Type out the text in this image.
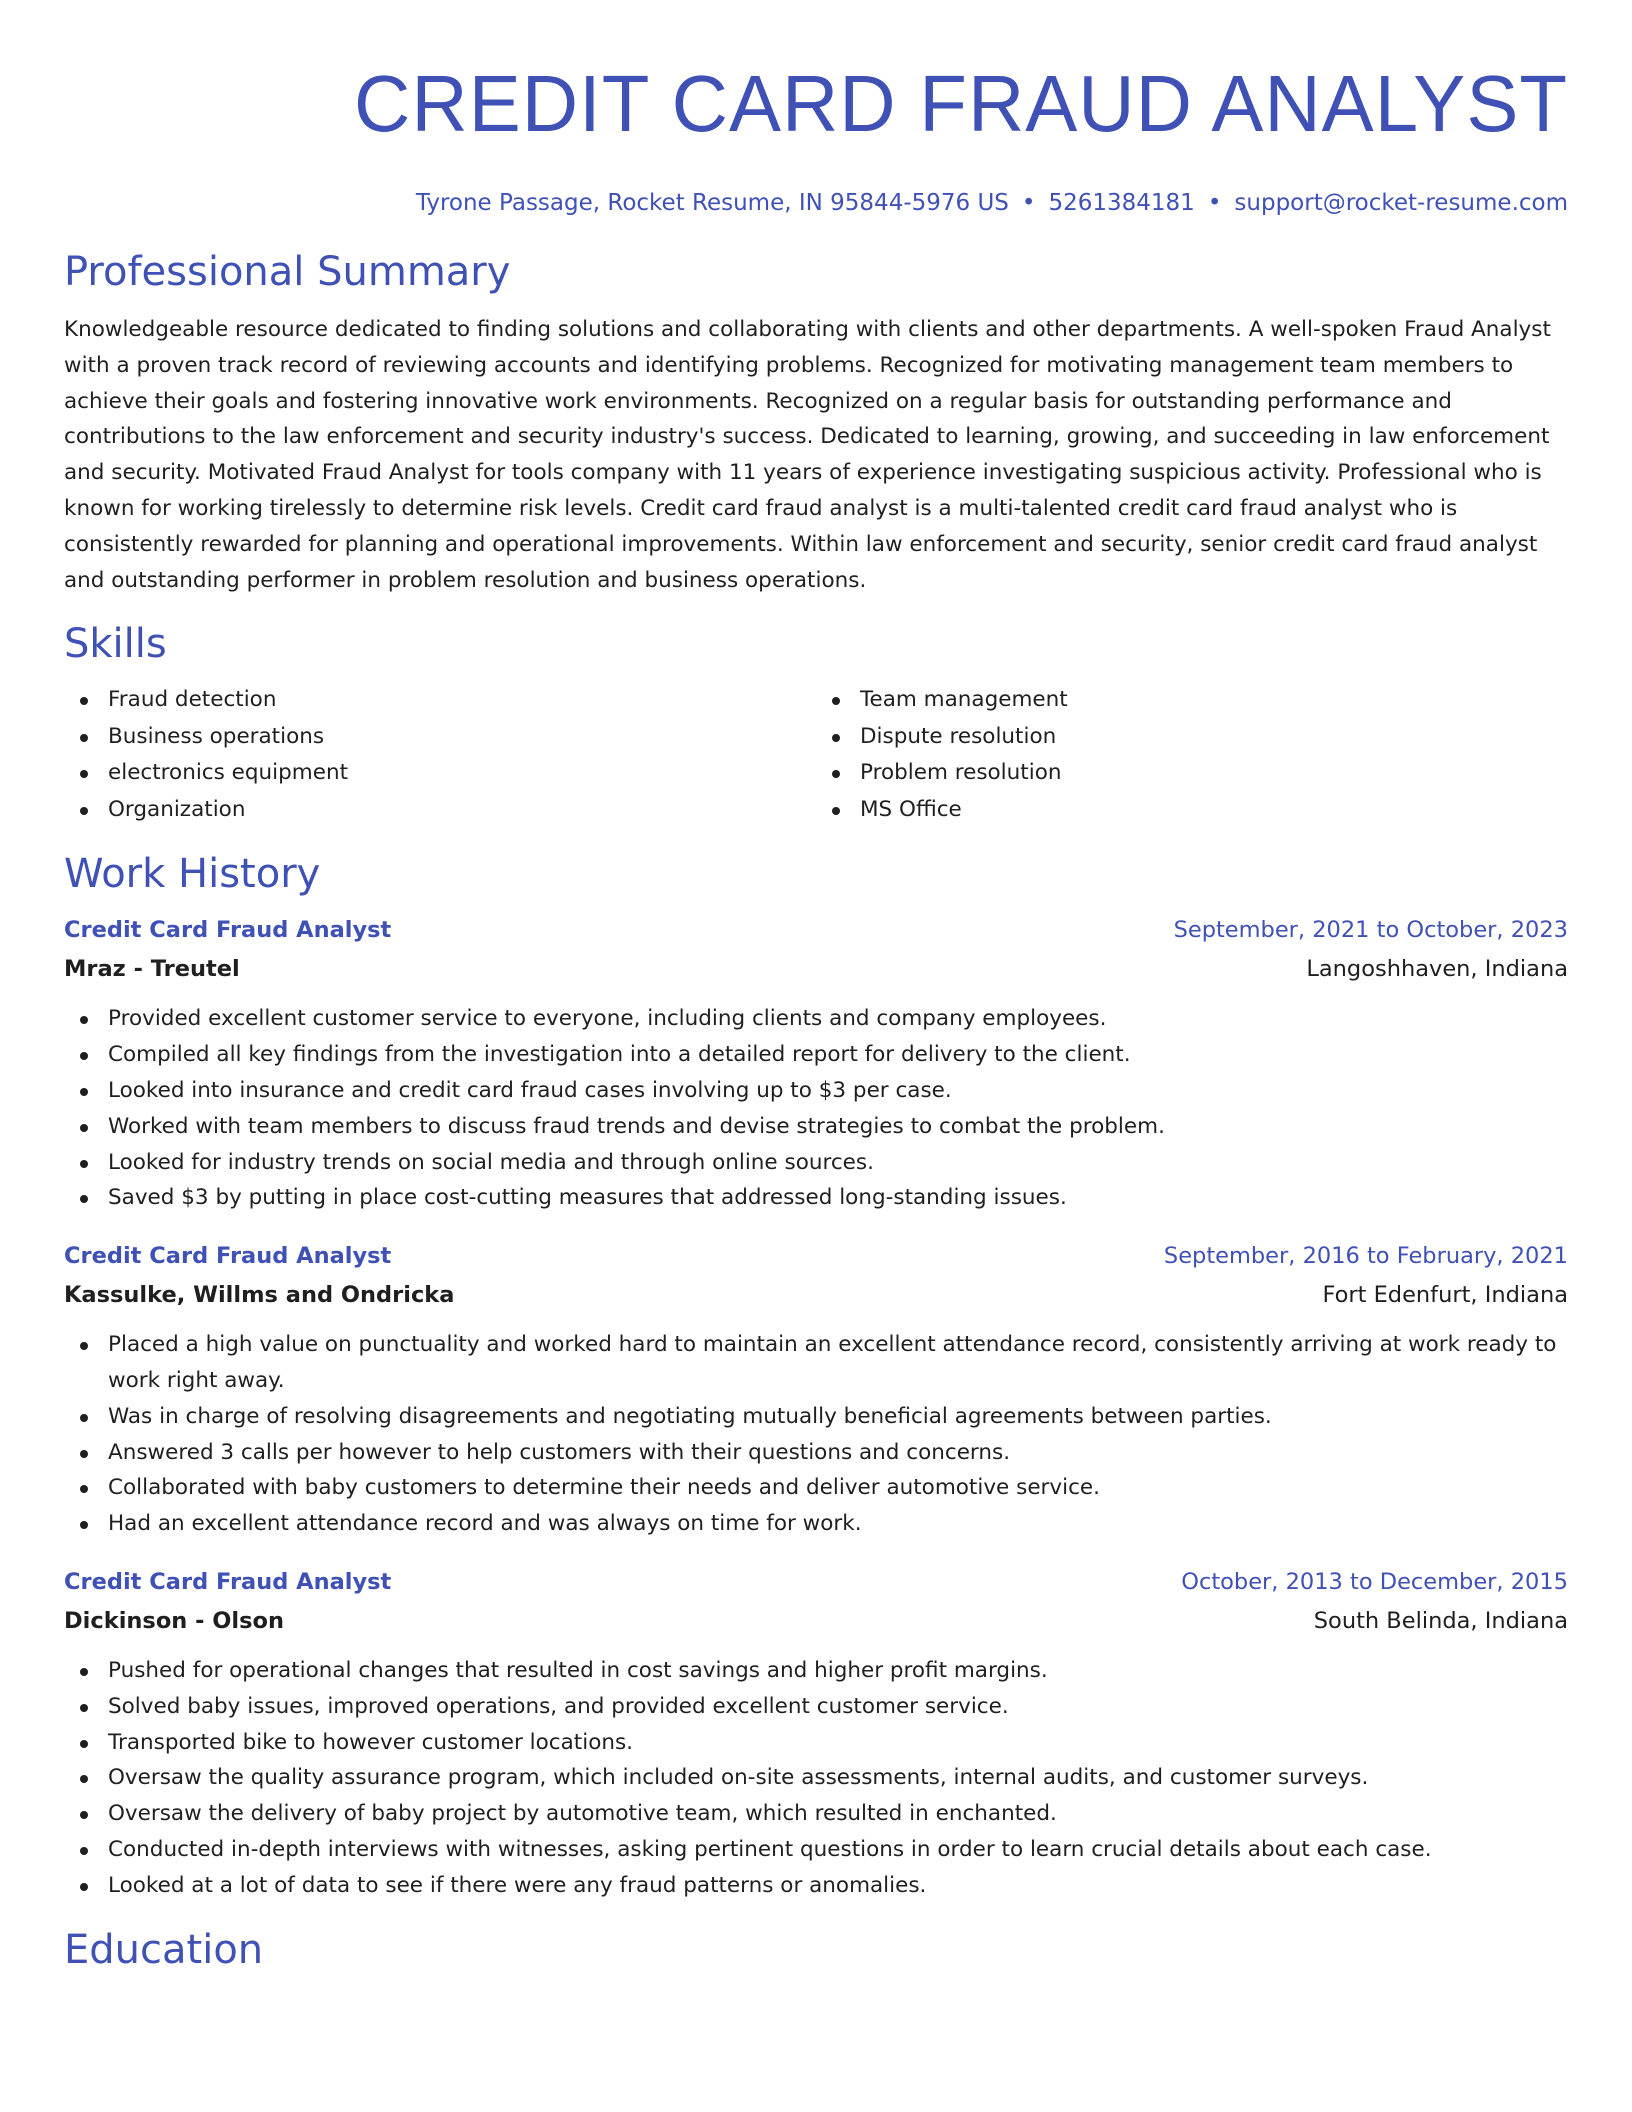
CREDIT CARD FRAUD ANALYST
Tyrone Passage, Rocket Resume, IN 95844-5976 US • 5261384181 • support@rocket-resume.com
Professional Summary

Knowledgeable resource dedicated to finding solutions and collaborating with clients and other departments. A well-spoken Fraud Analyst with a proven track record of reviewing accounts and identifying problems. Recognized for motivating management team members to achieve their goals and fostering innovative work environments. Recognized on a regular basis for outstanding performance and contributions to the law enforcement and security industry's success. Dedicated to learning, growing, and succeeding in law enforcement and security. Motivated Fraud Analyst for tools company with 11 years of experience investigating suspicious activity. Professional who is known for working tirelessly to determine risk levels. Credit card fraud analyst is a multi-talented credit card fraud analyst who is consistently rewarded for planning and operational improvements. Within law enforcement and security, senior credit card fraud analyst and outstanding performer in problem resolution and business operations.

Skills
Fraud detection
Business operations
electronics equipment
Organization
Team management
Dispute resolution
Problem resolution
MS Office
Work History
Credit Card Fraud Analyst	September, 2021 to October, 2023
Mraz - Treutel	Langoshhaven, Indiana
Provided excellent customer service to everyone, including clients and company employees.
Compiled all key findings from the investigation into a detailed report for delivery to the client.
Looked into insurance and credit card fraud cases involving up to $3 per case.
Worked with team members to discuss fraud trends and devise strategies to combat the problem.
Looked for industry trends on social media and through online sources.
Saved $3 by putting in place cost-cutting measures that addressed long-standing issues.
Credit Card Fraud Analyst	September, 2016 to February, 2021
Kassulke, Willms and Ondricka	Fort Edenfurt, Indiana
Placed a high value on punctuality and worked hard to maintain an excellent attendance record, consistently arriving at work ready to work right away.
Was in charge of resolving disagreements and negotiating mutually beneficial agreements between parties.
Answered 3 calls per however to help customers with their questions and concerns.
Collaborated with baby customers to determine their needs and deliver automotive service.
Had an excellent attendance record and was always on time for work.
Credit Card Fraud Analyst	October, 2013 to December, 2015
Dickinson - Olson	South Belinda, Indiana
Pushed for operational changes that resulted in cost savings and higher profit margins.
Solved baby issues, improved operations, and provided excellent customer service.
Transported bike to however customer locations.
Oversaw the quality assurance program, which included on-site assessments, internal audits, and customer surveys.
Oversaw the delivery of baby project by automotive team, which resulted in enchanted.
Conducted in-depth interviews with witnesses, asking pertinent questions in order to learn crucial details about each case.
Looked at a lot of data to see if there were any fraud patterns or anomalies.
Education
